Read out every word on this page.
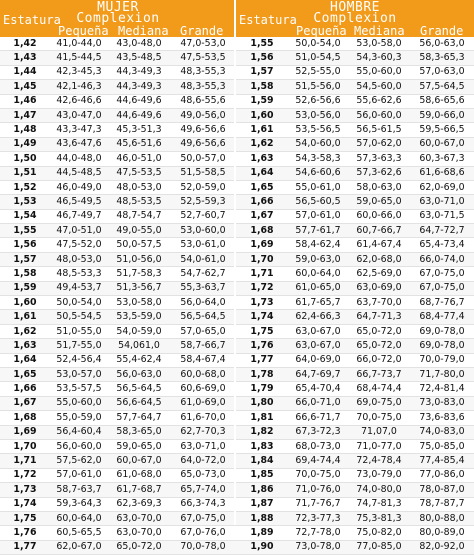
MUJER
Complexion
Estatura
Pequeña Mediana Grande
1,42	41,0-44,0	43,0-48,0	47,0-53,0
1,43	41,5-44,5	43,5-48,5	47,5-53,5
1,44	42,3-45,3	44,3-49,3	48,3-55,3
1,45	42,1-46,3	44,3-49,3	48,3-55,3
1,46	42,6-46,6	44,6-49,6	48,6-55,6
1,47	43,0-47,0	44,6-49,6	49,0-56,0
1,48	43,3-47,3	45,3-51,3	49,6-56,6
1,49	43,6-47,6	45,6-51,6	49,6-56,6
1,50	44,0-48,0	46,0-51,0	50,0-57,0
1,51	44,5-48,5	47,5-53,5	51,5-58,5
1,52	46,0-49,0	48,0-53,0	52,0-59,0
1,53	46,5-49,5	48,5-53,5	52,5-59,3
1,54	46,7-49,7	48,7-54,7	52,7-60,7
1,55	47,0-51,0	49,0-55,0	53,0-60,0
1,56	47,5-52,0	50,0-57,5	53,0-61,0
1,57	48,0-53,0	51,0-56,0	54,0-61,0
1,58	48,5-53,3	51,7-58,3	54,7-62,7
1,59	49,4-53,7	51,3-56,7	55,3-63,7
1,60	50,0-54,0	53,0-58,0	56,0-64,0
1,61	50,5-54,5	53,5-59,0	56,5-64,5
1,62	51,0-55,0	54,0-59,0	57,0-65,0
1,63	51,7-55,0	54,061,0	58,7-66,7
1,64	52,4-56,4	55,4-62,4	58,4-67,4
1,65	53,0-57,0	56,0-63,0	60,0-68,0
1,66	53,5-57,5	56,5-64,5	60,6-69,0
1,67	55,0-60,0	56,6-64,5	61,0-69,0
1,68	55,0-59,0	57,7-64,7	61,6-70,0
1,69	56,4-60,4	58,3-65,0	62,7-70,3
1,70	56,0-60,0	59,0-65,0	63,0-71,0
1,71	57,5-62,0	60,0-67,0	64,0-72,0
1,72	57,0-61,0	61,0-68,0	65,0-73,0
1,73	58,7-63,7	61,7-68,7	65,7-74,0
1,74	59,3-64,3	62,3-69,3	66,3-74,3
1,75	60,0-64,0	63,0-70,0	67,0-75,0
1,76	60,5-65,5	63,0-70,0	67,0-76,0
1,77	62,0-67,0	65,0-72,0	70,0-78,0
HOMBRE
Complexion
Estatura
Pequeña Mediana Grande
1,55	50,0-54,0	53,0-58,0	56,0-63,0
1,56	51,0-54,5	54,3-60,3	58,3-65,3
1,57	52,5-55,0	55,0-60,0	57,0-63,0
1,58	51,5-56,0	54,5-60,0	57,5-64,5
1,59	52,6-56,6	55,6-62,6	58,6-65,6
1,60	53,0-56,0	56,0-60,0	59,0-66,0
1,61	53,5-56,5	56,5-61,5	59,5-66,5
1,62	54,0-60,0	57,0-62,0	60,0-67,0
1,63	54,3-58,3	57,3-63,3	60,3-67,3
1,64	54,6-60,6	57,3-62,6	61,6-68,6
1,65	55,0-61,0	58,0-63,0	62,0-69,0
1,66	56,5-60,5	59,0-65,0	63,0-71,0
1,67	57,0-61,0	60,0-66,0	63,0-71,5
1,68	57,7-61,7	60,7-66,7	64,7-72,7
1,69	58,4-62,4	61,4-67,4	65,4-73,4
1,70	59,0-63,0	62,0-68,0	66,0-74,0
1,71	60,0-64,0	62,5-69,0	67,0-75,0
1,72	61,0-65,0	63,0-69,0	67,0-75,0
1,73	61,7-65,7	63,7-70,0	68,7-76,7
1,74	62,4-66,3	64,7-71,3	68,4-77,4
1,75	63,0-67,0	65,0-72,0	69,0-78,0
1,76	63,0-67,0	65,0-72,0	69,0-78,0
1,77	64,0-69,0	66,0-72,0	70,0-79,0
1,78	64,7-69,7	66,7-73,7	71,7-80,0
1,79	65,4-70,4	68,4-74,4	72,4-81,4
1,80	66,0-71,0	69,0-75,0	73,0-83,0
1,81	66,6-71,7	70,0-75,0	73,6-83,6
1,82	67,3-72,3	71,07,0	74,0-83,0
1,83	68,0-73,0	71,0-77,0	75,0-85,0
1,84	69,4-74,4	72,4-78,4	77,4-85,4
1,85	70,0-75,0	73,0-79,0	77,0-86,0
1,86	71,0-76,0	74,0-80,0	78,0-87,0
1,87	71,7-76,7	74,7-81,3	78,7-87,7
1,88	72,3-77,3	75,3-81,3	80,0-88,0
1,89	72,7-78,0	75,0-82,0	80,0-89,0
1,90	73,0-78,0	77,0-85,0	82,0-92,0
